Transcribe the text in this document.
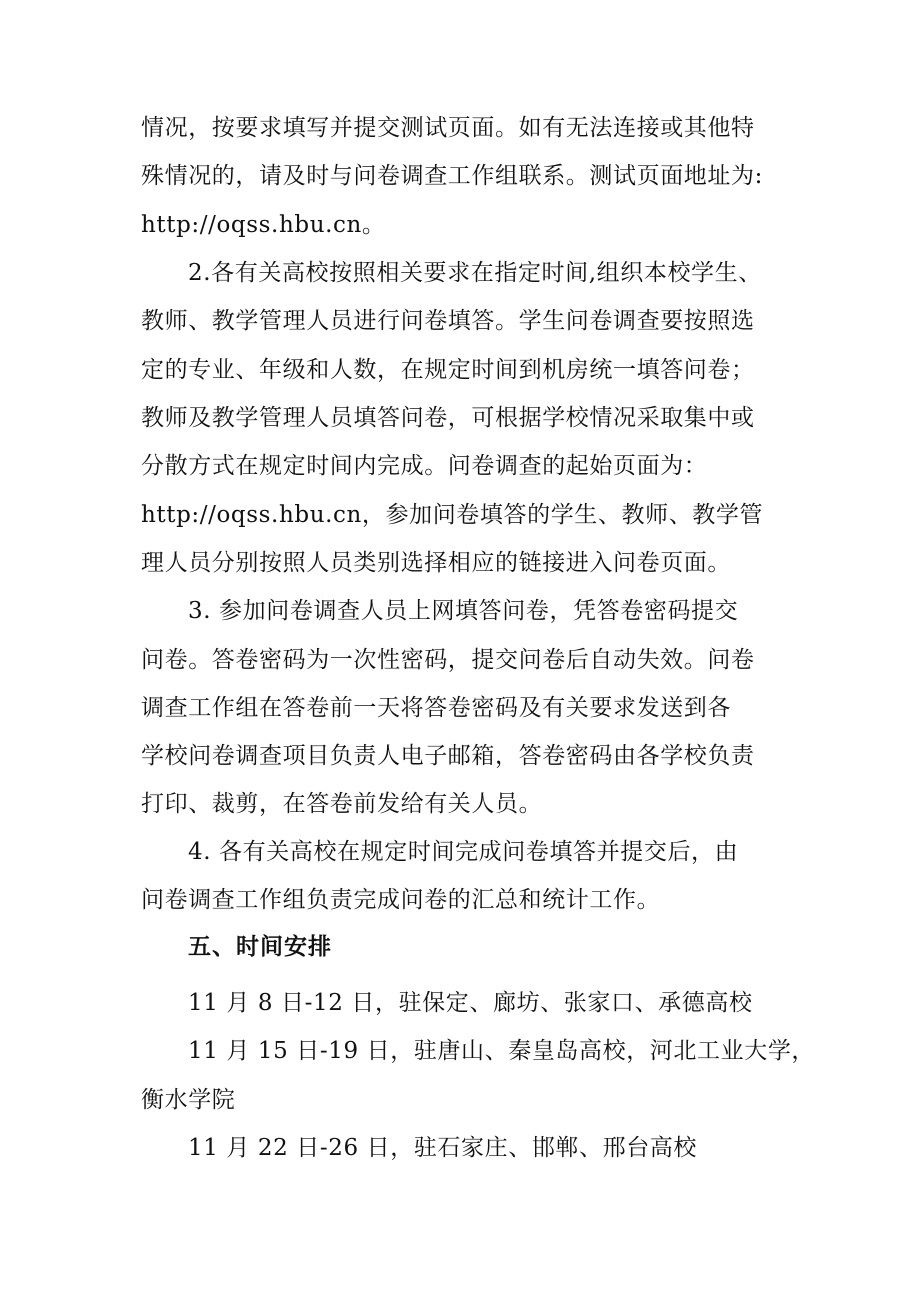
情况，按要求填写并提交测试页面。如有无法连接或其他特
殊情况的，请及时与问卷调查工作组联系。测试页面地址为:
http://oqss.hbu.cn。
2.各有关高校按照相关要求在指定时间,组织本校学生、
教师、教学管理人员进行问卷填答。学生问卷调查要按照选
定的专业、年级和人数，在规定时间到机房统一填答问卷；
教师及教学管理人员填答问卷，可根据学校情况采取集中或
分散方式在规定时间内完成。问卷调查的起始页面为：
http://oqss.hbu.cn，参加问卷填答的学生、教师、教学管
理人员分别按照人员类别选择相应的链接进入问卷页面。
3. 参加问卷调查人员上网填答问卷，凭答卷密码提交
问卷。答卷密码为一次性密码，提交问卷后自动失效。问卷
调查工作组在答卷前一天将答卷密码及有关要求发送到各
学校问卷调查项目负责人电子邮箱，答卷密码由各学校负责
打印、裁剪，在答卷前发给有关人员。
4. 各有关高校在规定时间完成问卷填答并提交后，由
问卷调查工作组负责完成问卷的汇总和统计工作。
五、时间安排
11 月 8 日-12 日，驻保定、廊坊、张家口、承德高校
11 月 15 日-19 日，驻唐山、秦皇岛高校，河北工业大学，
衡水学院
11 月 22 日-26 日，驻石家庄、邯郸、邢台高校
